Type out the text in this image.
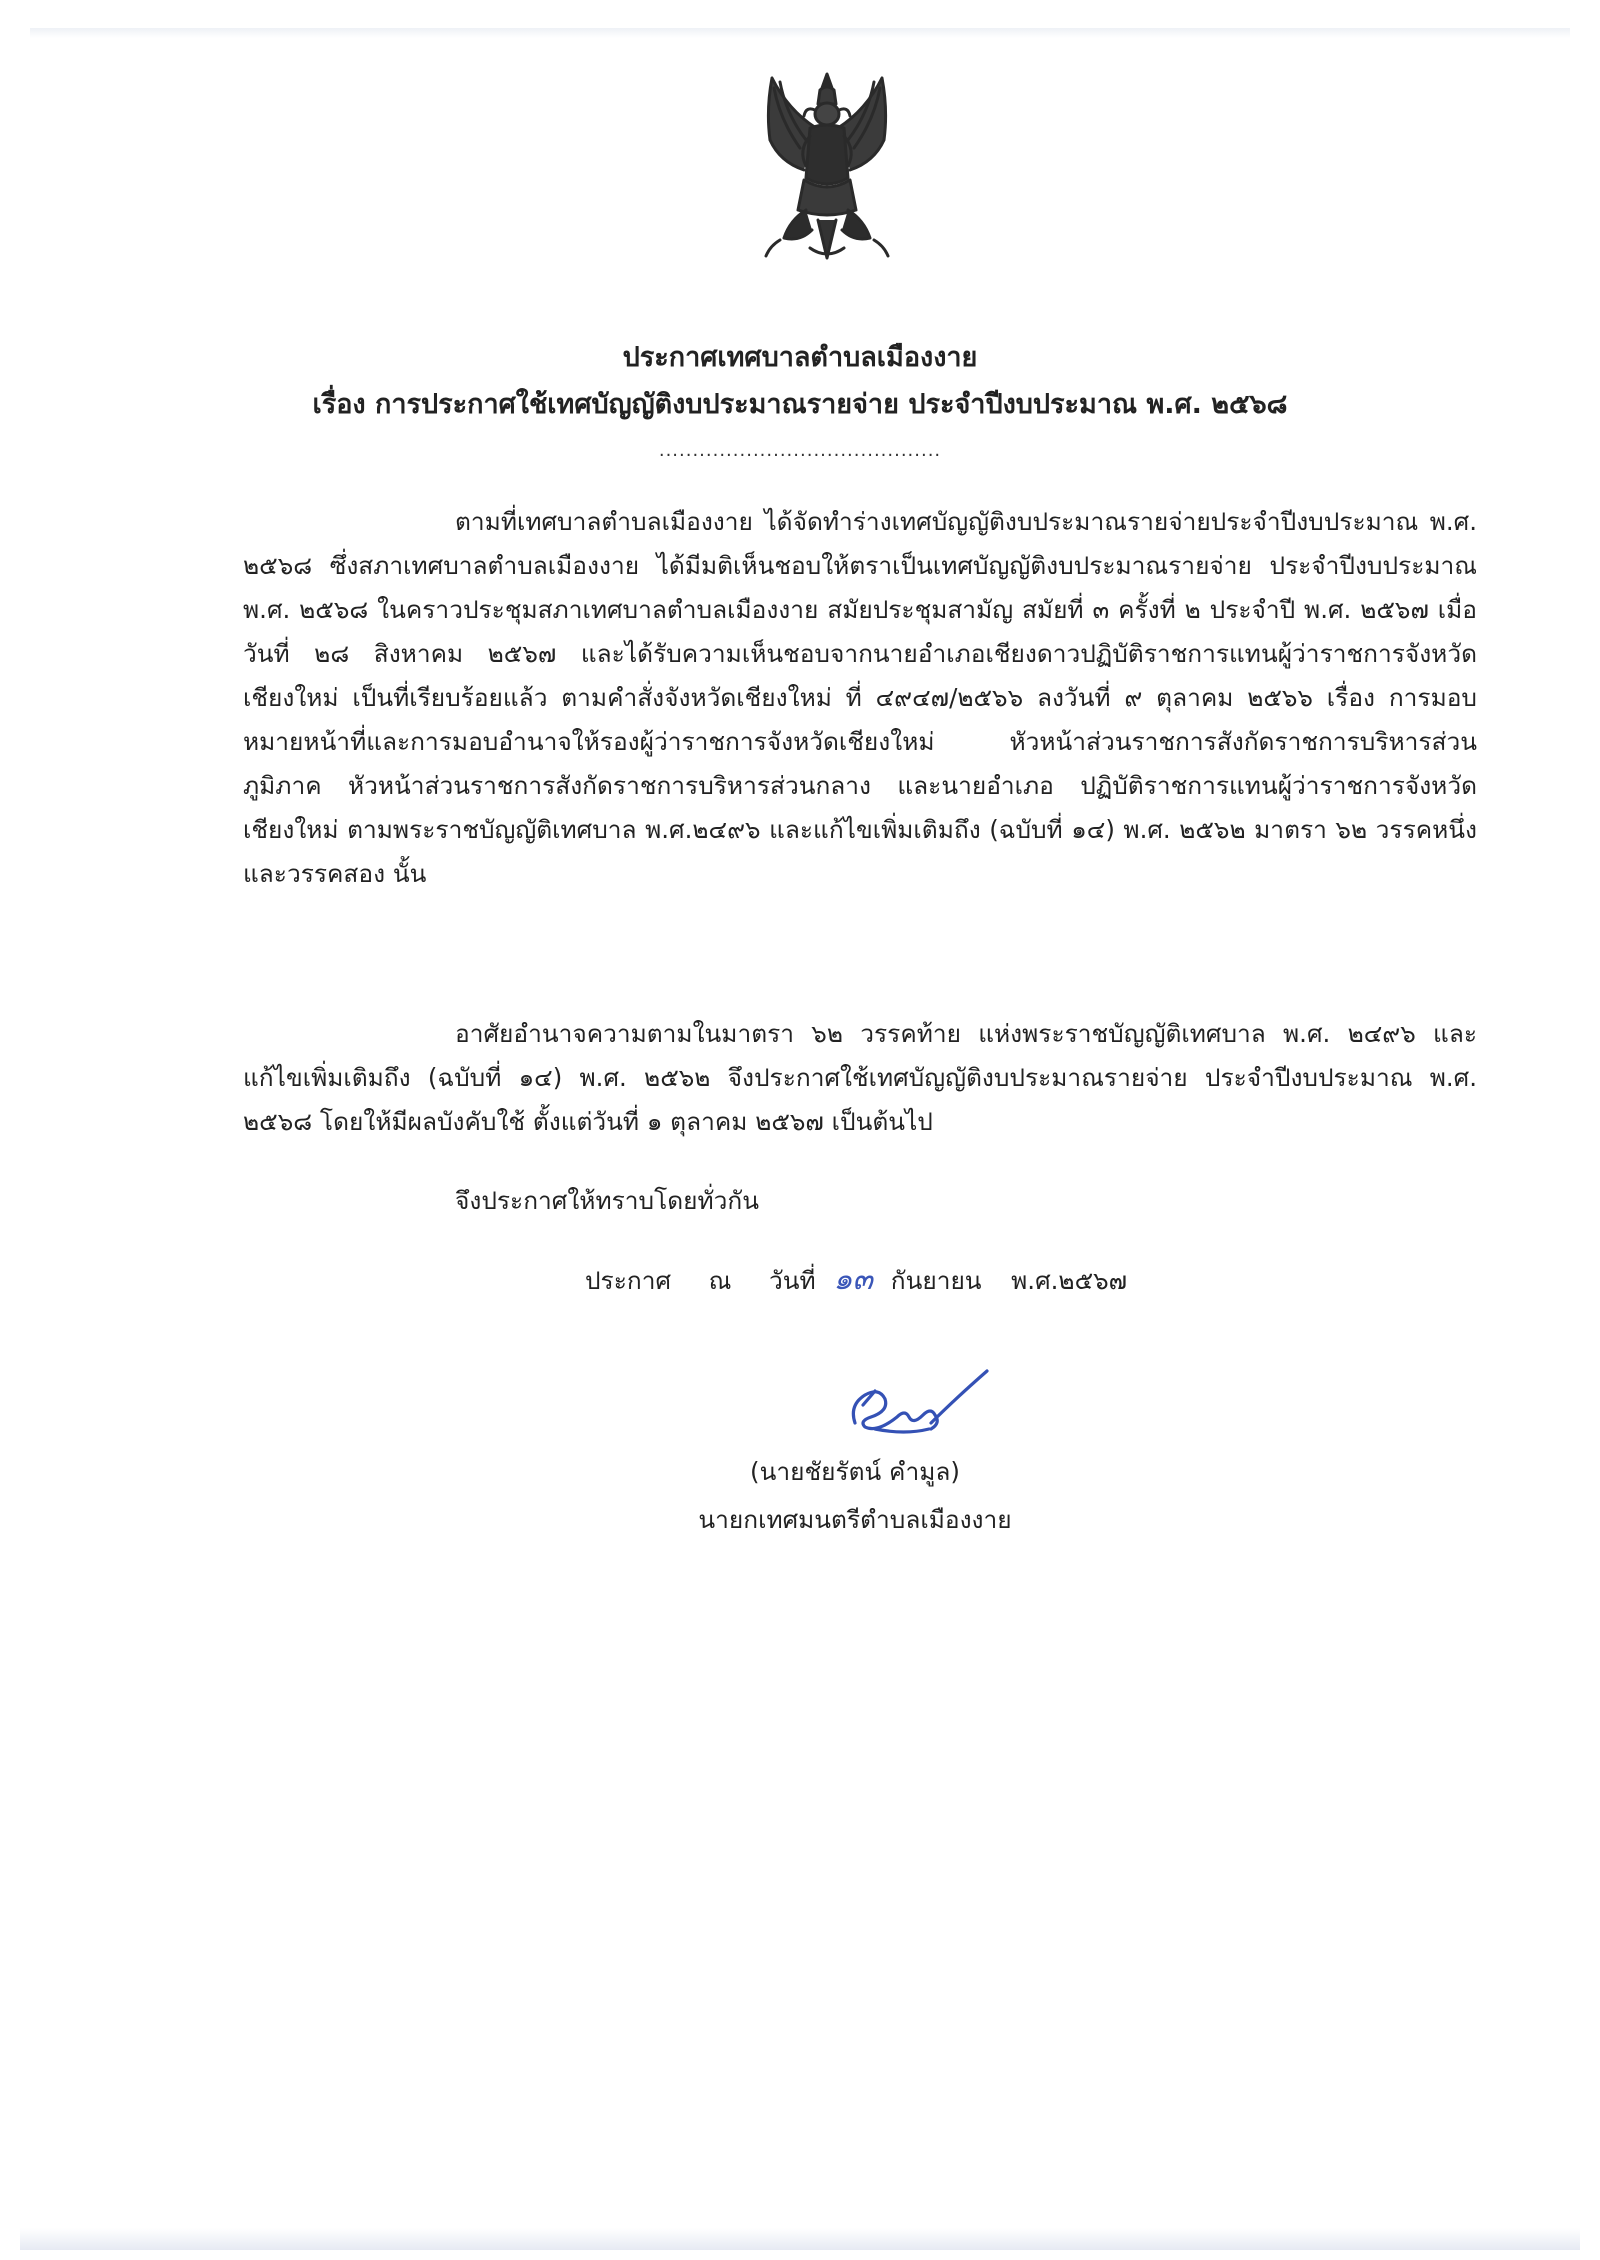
ประกาศเทศบาลตำบลเมืองงาย
เรื่อง การประกาศใช้เทศบัญญัติงบประมาณรายจ่าย ประจำปีงบประมาณ พ.ศ. ๒๕๖๘
..........................................

ตามที่เทศบาลตำบลเมืองงาย ได้จัดทำร่างเทศบัญญัติงบประมาณรายจ่ายประจำปีงบประมาณ พ.ศ. ๒๕๖๘ ซึ่งสภาเทศบาลตำบลเมืองงาย ได้มีมติเห็นชอบให้ตราเป็นเทศบัญญัติงบประมาณรายจ่าย ประจำปีงบประมาณ พ.ศ. ๒๕๖๘ ในคราวประชุมสภาเทศบาลตำบลเมืองงาย สมัยประชุมสามัญ สมัยที่ ๓ ครั้งที่ ๒ ประจำปี พ.ศ. ๒๕๖๗ เมื่อวันที่ ๒๘ สิงหาคม ๒๕๖๗ และได้รับความเห็นชอบจากนายอำเภอเชียงดาวปฏิบัติราชการแทนผู้ว่าราชการจังหวัดเชียงใหม่ เป็นที่เรียบร้อยแล้ว ตามคำสั่งจังหวัดเชียงใหม่ ที่ ๔๙๔๗/๒๕๖๖ ลงวันที่ ๙ ตุลาคม ๒๕๖๖ เรื่อง การมอบหมายหน้าที่และการมอบอำนาจให้รองผู้ว่าราชการจังหวัดเชียงใหม่ หัวหน้าส่วนราชการสังกัดราชการบริหารส่วนภูมิภาค หัวหน้าส่วนราชการสังกัดราชการบริหารส่วนกลาง และนายอำเภอ ปฏิบัติราชการแทนผู้ว่าราชการจังหวัดเชียงใหม่ ตามพระราชบัญญัติเทศบาล พ.ศ.๒๔๙๖ และแก้ไขเพิ่มเติมถึง (ฉบับที่ ๑๔) พ.ศ. ๒๕๖๒ มาตรา ๖๒ วรรคหนึ่ง และวรรคสอง นั้น

อาศัยอำนาจความตามในมาตรา ๖๒ วรรคท้าย แห่งพระราชบัญญัติเทศบาล พ.ศ. ๒๔๙๖ และแก้ไขเพิ่มเติมถึง (ฉบับที่ ๑๔) พ.ศ. ๒๕๖๒ จึงประกาศใช้เทศบัญญัติงบประมาณรายจ่าย ประจำปีงบประมาณ พ.ศ. ๒๕๖๘ โดยให้มีผลบังคับใช้ ตั้งแต่วันที่ ๑ ตุลาคม ๒๕๖๗ เป็นต้นไป

จึงประกาศให้ทราบโดยทั่วกัน
ประกาศ ณ วันที่ ๑๓ กันยายน พ.ศ.๒๕๖๗
(นายชัยรัตน์ คำมูล)
นายกเทศมนตรีตำบลเมืองงาย
